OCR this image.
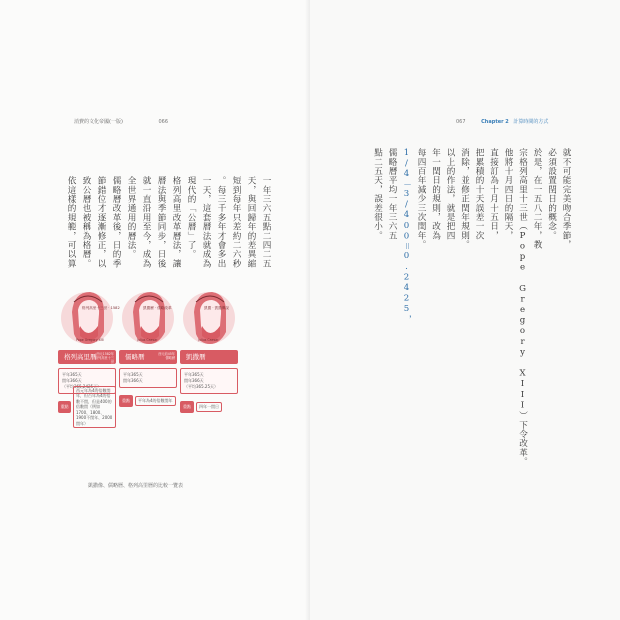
消費的文化帝國(一版)	066
一年三六五點二四二五
天，與回歸年的差異縮
短到每年只差約二六秒
。每三千多年才會多出
一天，這套曆法就成為
現代的「公曆」了。
格列高里改革曆法，讓
曆法與季節同步，日後
就一直沿用至今，成為
全世界通用的曆法。
儒略曆改革後，日的季
節錯位才逐漸修正，以
致公曆也被稱為格曆。
依這樣的規範，可以算
凱撒 · 凱撒傳說
Julius Caesar
凱撒曆
平年365天
閏年366天
（平均365.25天）
重點	四年一閏日
凱撒曆 · 儒略改革
Julius Caesar
儒略曆	西元前45年 儒略曆
平年365天
閏年366天
重點	平年為4的倍數閏年
格列高里十三世 · 1582
Pope Gregory XIII
格列高里曆 西元1582年 格列高里十三世
平年365天
閏年366天
（平均365.2425天）
重點
西元年為4的倍數閏年，但百年為4的倍數不閏，但是400的倍數閏（例如1700、1800、1900不閏年、2000閏年）
凱撒像、儒略曆、格列高里曆的比較一覽表
067	Chapter 2 計算時間的方式
就不可能完美吻合季節，
必須設置閏日的概念。
於是，在一五八二年，教
宗格列高里十三世（Pope Gregory XIII）下令改革。
他將十月四日的隔天，
直接訂為十月十五日，
把累積的十天誤差一次
消除，並修正閏年規則。
以上的作法，就是把四
年一閏日的規則，改為
每四百年減少三次閏年。
1/4－3/400＝0.2425，
儒略曆平均一年三六五
點二五天，誤差很小。
